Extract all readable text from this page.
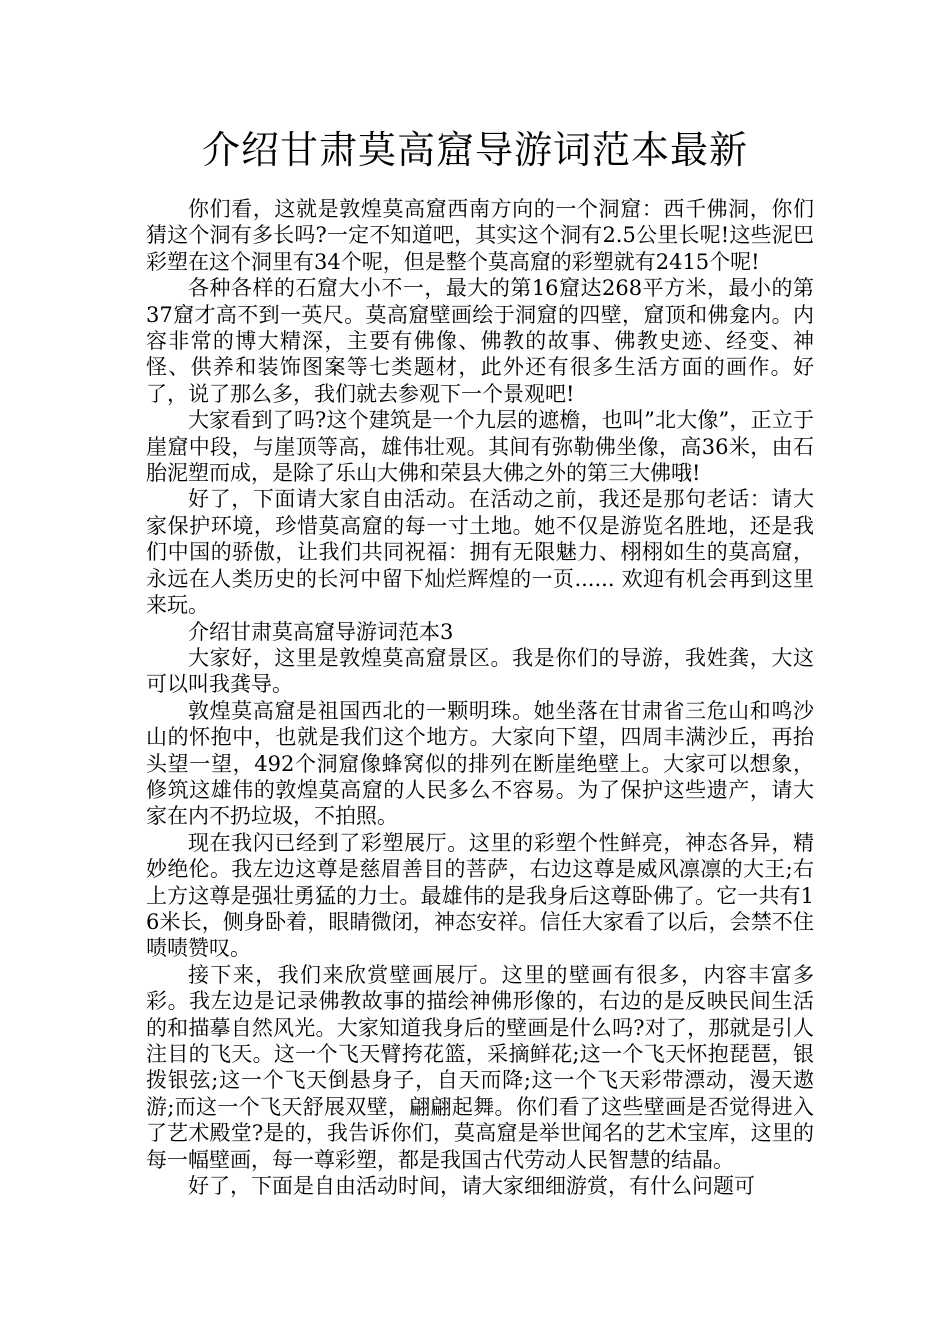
介绍甘肃莫高窟导游词范本最新

你们看，这就是敦煌莫高窟西南方向的一个洞窟：西千佛洞，你们猜这个洞有多长吗?一定不知道吧，其实这个洞有2.5公里长呢!这些泥巴彩塑在这个洞里有34个呢，但是整个莫高窟的彩塑就有2415个呢!

各种各样的石窟大小不一，最大的第16窟达268平方米，最小的第37窟才高不到一英尺。莫高窟壁画绘于洞窟的四壁，窟顶和佛龛内。内容非常的博大精深，主要有佛像、佛教的故事、佛教史迹、经变、神怪、供养和装饰图案等七类题材，此外还有很多生活方面的画作。好了，说了那么多，我们就去参观下一个景观吧!

大家看到了吗?这个建筑是一个九层的遮檐，也叫”北大像”，正立于崖窟中段，与崖顶等高，雄伟壮观。其间有弥勒佛坐像，高36米，由石胎泥塑而成，是除了乐山大佛和荣县大佛之外的第三大佛哦!

好了，下面请大家自由活动。在活动之前，我还是那句老话：请大家保护环境，珍惜莫高窟的每一寸土地。她不仅是游览名胜地，还是我们中国的骄傲，让我们共同祝福：拥有无限魅力、栩栩如生的莫高窟，永远在人类历史的长河中留下灿烂辉煌的一页...... 欢迎有机会再到这里来玩。

介绍甘肃莫高窟导游词范本3

大家好，这里是敦煌莫高窟景区。我是你们的导游，我姓龚，大这可以叫我龚导。

敦煌莫高窟是祖国西北的一颗明珠。她坐落在甘肃省三危山和鸣沙山的怀抱中，也就是我们这个地方。大家向下望，四周丰满沙丘，再抬头望一望，492个洞窟像蜂窝似的排列在断崖绝壁上。大家可以想象，修筑这雄伟的敦煌莫高窟的人民多么不容易。为了保护这些遗产，请大家在内不扔垃圾，不拍照。

现在我闪已经到了彩塑展厅。这里的彩塑个性鲜亮，神态各异，精妙绝伦。我左边这尊是慈眉善目的菩萨，右边这尊是威风凛凛的大王;右上方这尊是强壮勇猛的力士。最雄伟的是我身后这尊卧佛了。它一共有16米长，侧身卧着，眼睛微闭，神态安祥。信任大家看了以后，会禁不住啧啧赞叹。

接下来，我们来欣赏壁画展厅。这里的壁画有很多，内容丰富多彩。我左边是记录佛教故事的描绘神佛形像的，右边的是反映民间生活的和描摹自然风光。大家知道我身后的壁画是什么吗?对了，那就是引人注目的飞天。这一个飞天臂挎花篮，采摘鲜花;这一个飞天怀抱琵琶，银拨银弦;这一个飞天倒悬身子，自天而降;这一个飞天彩带漂动，漫天遨游;而这一个飞天舒展双壁，翩翩起舞。你们看了这些壁画是否觉得进入了艺术殿堂?是的，我告诉你们，莫高窟是举世闻名的艺术宝库，这里的每一幅壁画，每一尊彩塑，都是我国古代劳动人民智慧的结晶。

好了，下面是自由活动时间，请大家细细游赏，有什么问题可
